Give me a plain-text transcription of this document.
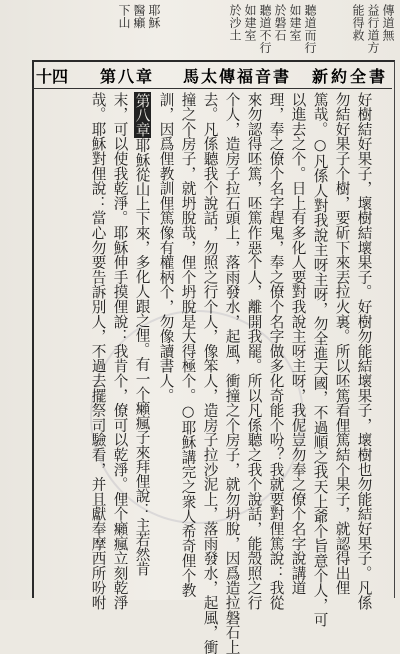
新約全書
馬太傳福音書
第八章
十四
好樹結好果子，壞樹結壞果子。好樹勿能結壞果子，壞樹也勿能結好果子。凡係
勿結好果子个樹，要斫下來丟拉火裏。所以呸篤看俚篤結个果子，就認得出俚
篤哉。○凡係人對我說主呀主呀，勿全進天國，不過順之我天上爺个旨意个人，可
以進去之个。日上有多化人要對我說主呀主呀，我伲豈勿奉之僚个名字說講道
理，奉之僚个名字趕鬼，奉之僚个名字做多化奇能个吩？我就要對俚篤說：我從
來勿認得呸篤，呸篤作惡个人，離開我罷。所以凡係聽之我个說話，能殼照之行
个人，造房子拉石頭上，落雨發水，起風，衝撞之个房子，就勿坍脫，因爲造拉磐石上
去。凡係聽我个說話，勿照之行个人，像笨人，造房子拉沙泥上，落雨發水，起風，衝
撞之个房子，就坍脫哉，俚个坍脫是大得極个。○耶穌講完之衆人希奇俚个教
訓，因爲俚教訓俚篤像有權柄个，勿像讀書人。
第八章耶穌從山上下來，多化人跟之俚。有一个癩瘋子來拜俚說：主若然肯
末，可以使我乾淨。耶穌伸手摸俚說：我肯个，僚可以乾淨。俚个癩瘋立刻乾淨
哉。耶穌對俚說：當心勿要告訴別人，不過去擺祭司驗看，并且獻奉摩西所吩咐
傳道無
益行道方
能得救
聽道而行
如建室
於磐石
聽道不行
如建室
於沙土
耶穌
醫癩
下山
